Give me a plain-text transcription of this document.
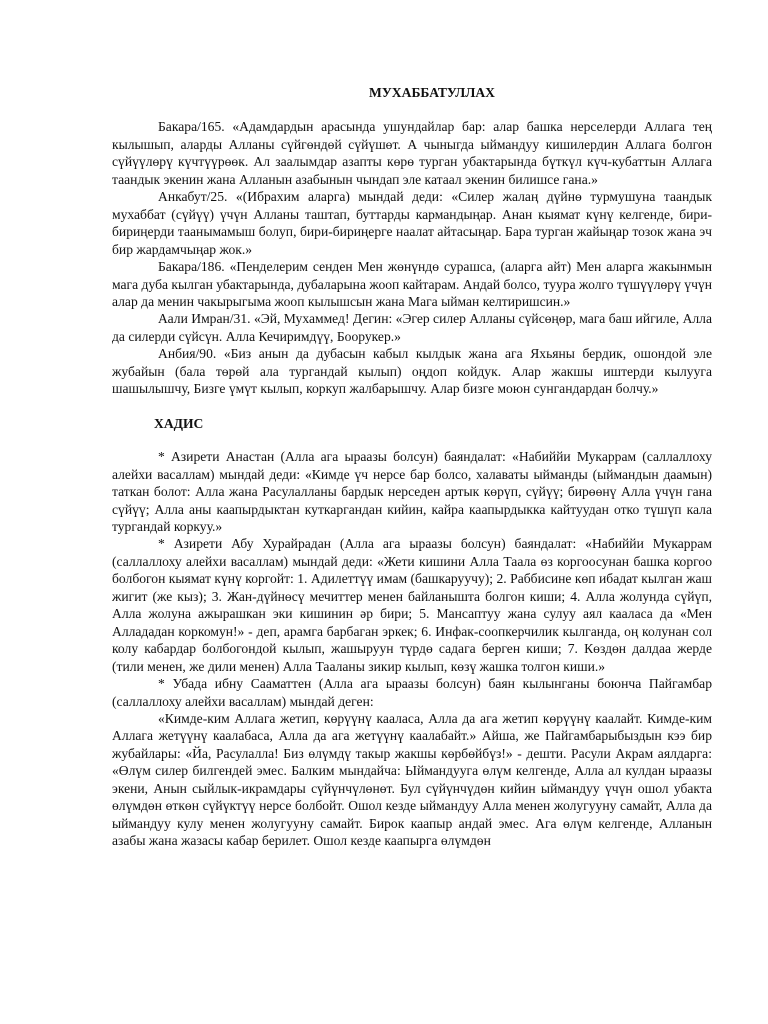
МУХАББАТУЛЛАХ

Бакара/165. «Адамдардын арасында ушундайлар бар: алар башка нерселерди Аллага тең кылышып, аларды Алланы сүйгөндөй сүйүшөт. А чыныгда ыймандуу кишилердин Аллага болгон сүйүүлөрү күчтүүрөөк. Ал заалымдар азапты көрө турган убактарында бүткүл күч-кубаттын Аллага таандык экенин жана Алланын азабынын чындап эле катаал экенин билишсе гана.»

Анкабут/25. «(Ибрахим аларга) мындай деди: «Силер жалаң дүйнө турмушуна таандык мухаббат (сүйүү) үчүн Алланы таштап, буттарды кармандыңар. Анан кыямат күнү келгенде, бири-бириңерди таанымамыш болуп, бири-бириңерге наалат айтасыңар. Бара турган жайыңар тозок жана эч бир жардамчыңар жок.»

Бакара/186. «Пенделерим сенден Мен жөнүндө сурашса, (аларга айт) Мен аларга жакынмын мага дуба кылган убактарында, дубаларына жооп кайтарам. Андай болсо, туура жолго түшүүлөрү үчүн алар да менин чакырыгыма жооп кылышсын жана Мага ыйман келтиришсин.»

Аали Имран/31. «Эй, Мухаммед! Дегин: «Эгер силер Алланы сүйсөңөр, мага баш ийгиле, Алла да силерди сүйсүн. Алла Кечиримдүү, Боорукер.»

Анбия/90. «Биз анын да дубасын кабыл кылдык жана ага Яхьяны бердик, ошондой эле жубайын (бала төрөй ала тургандай кылып) оңдоп койдук. Алар жакшы иштерди кылууга шашылышчу, Бизге үмүт кылып, коркуп жалбарышчу. Алар бизге моюн сунгандардан болчу.»

ХАДИС

* Азирети Анастан (Алла ага ыраазы болсун) баяндалат: «Набиййи Мукаррам (саллаллоху алейхи васаллам) мындай деди: «Кимде үч нерсе бар болсо, халаваты ыйманды (ыймандын даамын) таткан болот: Алла жана Расулалланы бардык нерседен артык көрүп, сүйүү; бирөөнү Алла үчүн гана сүйүү; Алла аны каапырдыктан куткаргандан кийин, кайра каапырдыкка кайтуудан отко түшүп кала тургандай коркуу.»

* Азирети Абу Хурайрадан (Алла ага ыраазы болсун) баяндалат: «Набиййи Мукаррам (саллаллоху алейхи васаллам) мындай деди: «Жети кишини Алла Таала өз коргоосунан башка коргоо болбогон кыямат күнү коргойт: 1. Адилеттүү имам (башкаруучу); 2. Раббисине көп ибадат кылган жаш жигит (же кыз); 3. Жан-дүйнөсү мечиттер менен байланышта болгон киши; 4. Алла жолунда сүйүп, Алла жолуна ажырашкан эки кишинин әр бири; 5. Мансаптуу жана сулуу аял кааласа да «Мен Аллададан коркомун!» - деп, арамга барбаган эркек; 6. Инфак-соопкерчилик кылганда, оң колунан сол колу кабардар болбогондой кылып, жашыруун түрдө садага берген киши; 7. Көздөн далдаа жерде (тили менен, же дили менен) Алла Тааланы зикир кылып, көзү жашка толгон киши.»

* Убада ибну Сааматтен (Алла ага ыраазы болсун) баян кылынганы боюнча Пайгамбар (саллаллоху алейхи васаллам) мындай деген:

«Кимде-ким Аллага жетип, көрүүнү кааласа, Алла да ага жетип көрүүнү каалайт. Кимде-ким Аллага жетүүнү каалабаса, Алла да ага жетүүнү каалабайт.» Айша, же Пайгамбарыбыздын кээ бир жубайлары: «Йа, Расулалла! Биз өлүмдү такыр жакшы көрбөйбүз!» - дешти. Расули Акрам аялдарга: «Өлүм силер билгендей эмес. Балким мындайча: Ыймандууга өлүм келгенде, Алла ал кулдан ыраазы экени, Анын сыйлык-икрамдары сүйүнчүлөнөт. Бул сүйүнчүдөн кийин ыймандуу үчүн ошол убакта өлүмдөн өткөн сүйүктүү нерсе болбойт. Ошол кезде ыймандуу Алла менен жолугууну самайт, Алла да ыймандуу кулу менен жолугууну самайт. Бирок каапыр андай эмес. Ага өлүм келгенде, Алланын азабы жана жазасы кабар берилет. Ошол кезде каапырга өлүмдөн
